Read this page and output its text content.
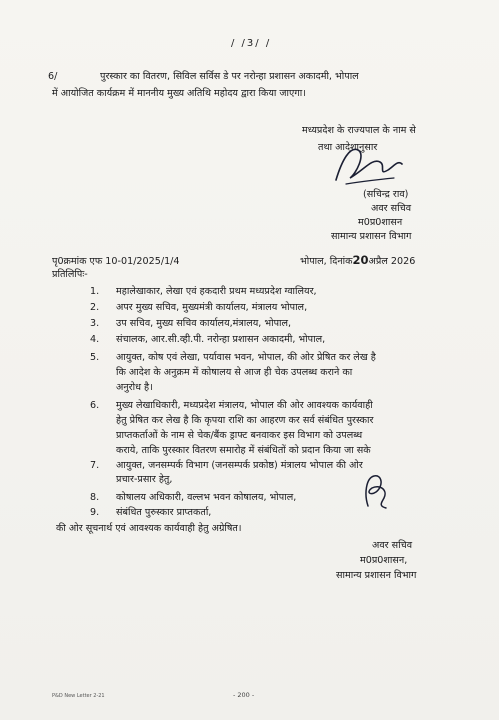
/ /3/ /
6/	पुरस्कार का वितरण, सिविल सर्विस डे पर नरोन्हा प्रशासन अकादमी, भोपाल
में आयोजित कार्यक्रम में माननीय मुख्य अतिथि महोदय द्वारा किया जाएगा।
मध्यप्रदेश के राज्यपाल के नाम से
तथा आदेशानुसार
(सचिन्द्र राव)
अवर सचिव
म0प्र0शासन
सामान्य प्रशासन विभाग
पृ0क्रमांक एफ 10-01/2025/1/4	भोपाल, दिनांक20अप्रैल 2026
प्रतिलिपिः-
1. महालेखाकार, लेखा एवं हकदारी प्रथम मध्यप्रदेश ग्वालियर,
2. अपर मुख्य सचिव, मुख्यमंत्री कार्यालय, मंत्रालय भोपाल,
3. उप सचिव, मुख्य सचिव कार्यालय,मंत्रालय, भोपाल,
4. संचालक, आर.सी.व्ही.पी. नरोन्हा प्रशासन अकादमी, भोपाल,
5. आयुक्त, कोष एवं लेखा, पर्यावास भवन, भोपाल, की ओर प्रेषित कर लेख है
कि आदेश के अनुक्रम में कोषालय से आज ही चेक उपलब्ध कराने का
अनुरोध है।
6. मुख्य लेखाधिकारी, मध्यप्रदेश मंत्रालय, भोपाल की ओर आवश्यक कार्यवाही
हेतु प्रेषित कर लेख है कि कृपया राशि का आहरण कर सर्व संबंधित पुरस्कार
प्राप्तकर्ताओं के नाम से चेक/बैंक ड्राफ्ट बनवाकर इस विभाग को उपलब्ध
कराये, ताकि पुरस्कार वितरण समारोह में संबंधितों को प्रदान किया जा सके
7. आयुक्त, जनसम्पर्क विभाग (जनसम्पर्क प्रकोष्ठ) मंत्रालय भोपाल की ओर
प्रचार-प्रसार हेतु,
8. कोषालय अधिकारी, वल्लभ भवन कोषालय, भोपाल,
9. संबंधित पुरुस्कार प्राप्तकर्ता,
की ओर सूचनार्थ एवं आवश्यक कार्यवाही हेतु अग्रेषित।
अवर सचिव
म0प्र0शासन,
सामान्य प्रशासन विभाग
P&D New Letter 2-21	- 200 -
